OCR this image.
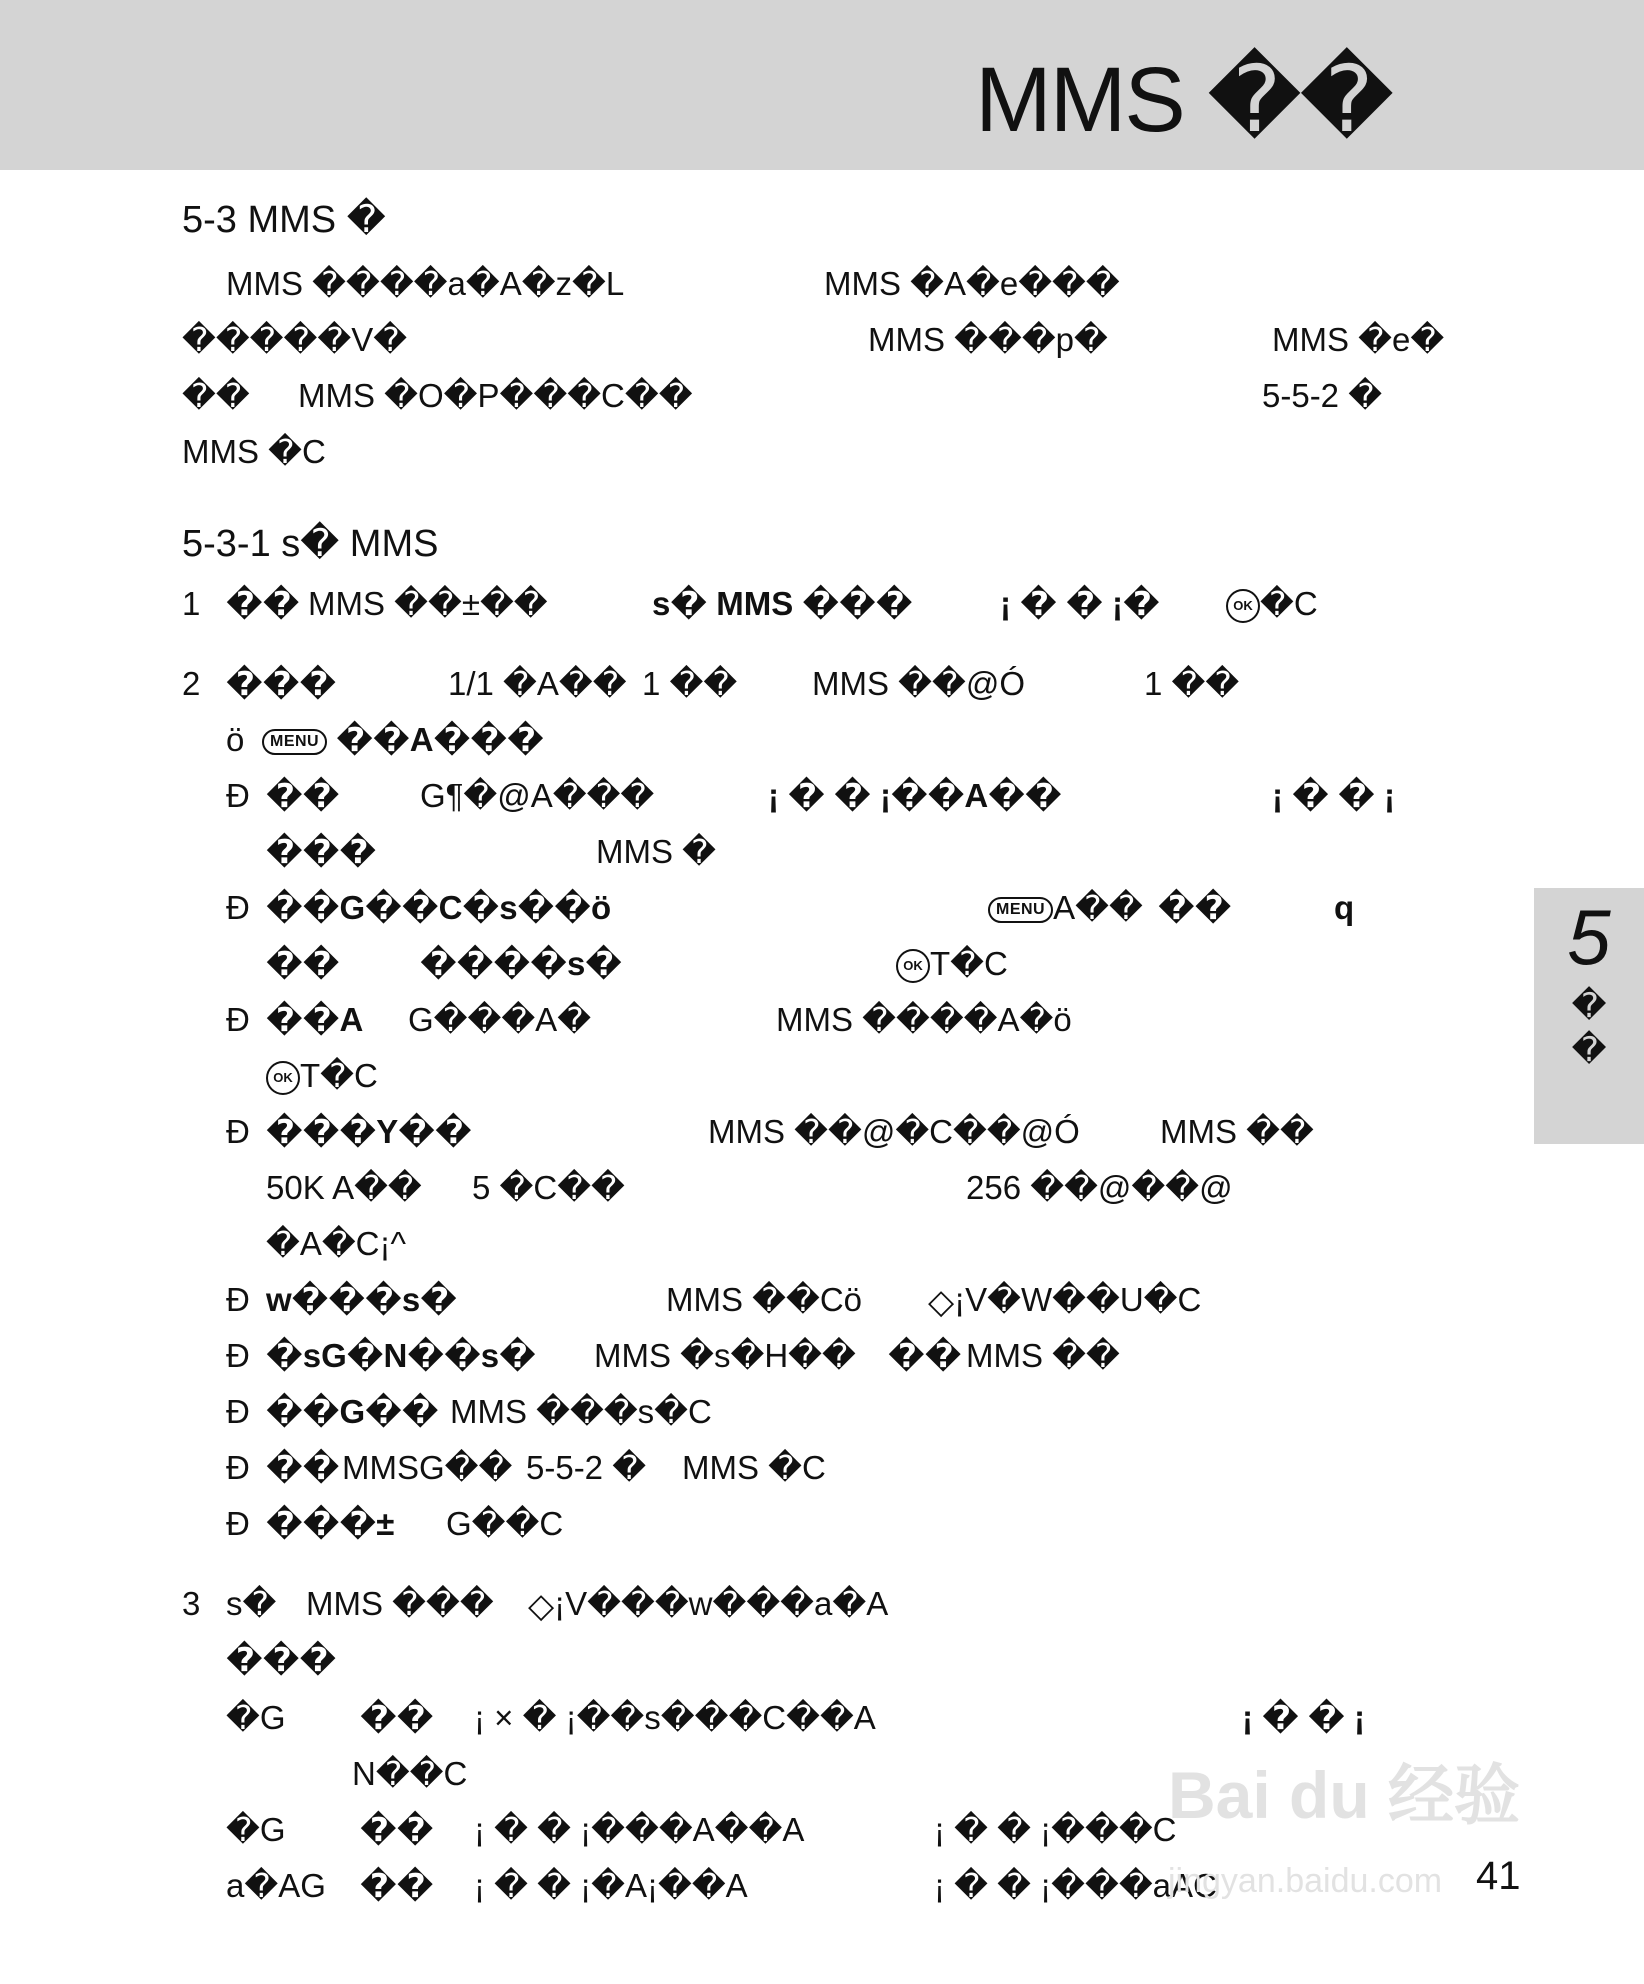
MMS ��
5
�
�
5-3 MMS �
MMS ����a�A�z�L	MMS �A�e���
�����V�	MMS ���p�	MMS �e�
�� MMS �O�P���C��	5-5-2 �
MMS �C
5-3-1 s� MMS
1 �� MMS ��±��	s� MMS ���	¡ � � ¡�	OK �C
2 ���	1/1 �A�� 1 �� MMS ��@Ó	1 ��
ö	MENU ��A���
Ð �� G¶�@A���	¡ � � ¡��A��	¡ � � ¡
���	MMS �
Ð ��G��C�s��ö	MENU A�� ��	q
�� ����s�	OK T�C
Ð ��A G���A�	MMS ����A�ö
OK T�C
Ð ���Y��	MMS ��@�C��@Ó MMS ��
50K A�� 5 �C��	256 ��@��@
�A�C¡^
Ð w���s�	MMS ��Cö ◇¡V�W��U�C
Ð �sG�N��s� MMS �s�H�� �� MMS ��
Ð ��G�� MMS ���s�C
Ð �� MMSG�� 5-5-2 � MMS �C
Ð ���± G��C
3 s� MMS ��� ◇¡V���w���a�A
���
�G �� ¡ × � ¡��s���C��A	¡ � � ¡
N��C
�G �� ¡ � � ¡���A��A	¡ � � ¡���C
a�AG �� ¡ � � ¡�A¡��A	¡ � � ¡���aAC
Bai du 经验
jingyan.baidu.com 41
